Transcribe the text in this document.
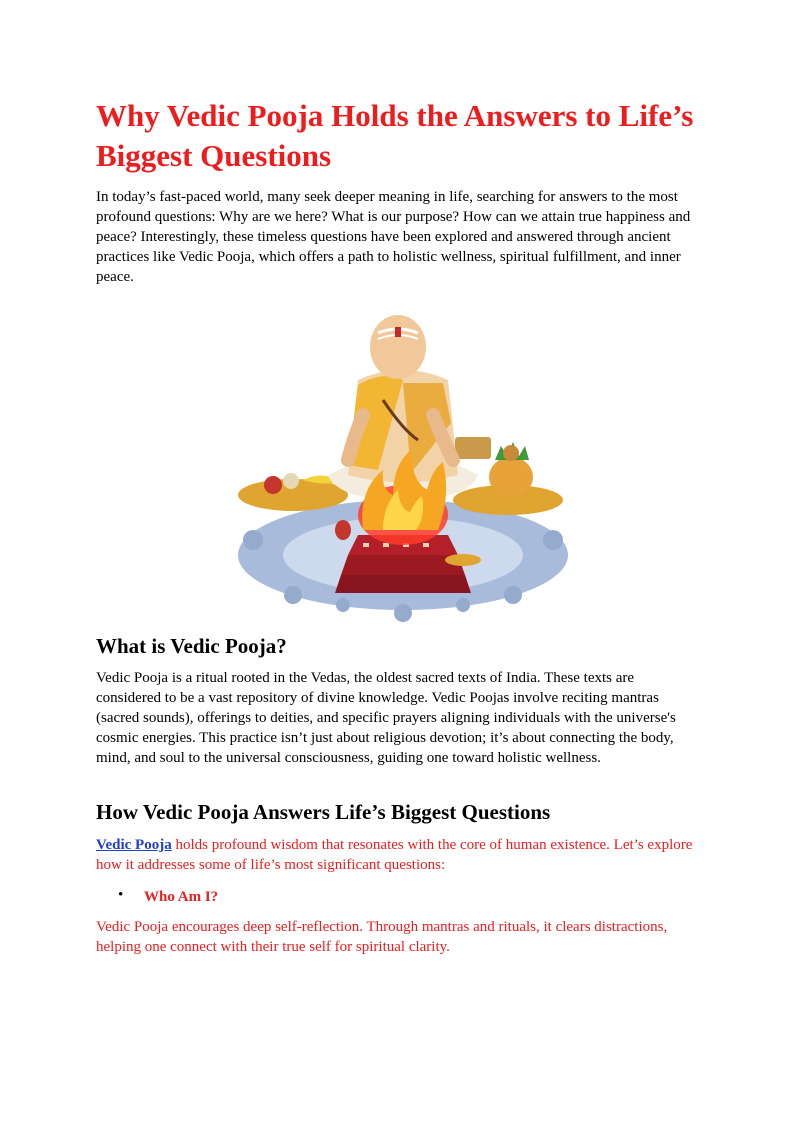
Why Vedic Pooja Holds the Answers to Life’s Biggest Questions

In today’s fast-paced world, many seek deeper meaning in life, searching for answers to the most profound questions: Why are we here? What is our purpose? How can we attain true happiness and peace? Interestingly, these timeless questions have been explored and answered through ancient practices like Vedic Pooja, which offers a path to holistic wellness, spiritual fulfillment, and inner peace.

What is Vedic Pooja?

Vedic Pooja is a ritual rooted in the Vedas, the oldest sacred texts of India. These texts are considered to be a vast repository of divine knowledge. Vedic Poojas involve reciting mantras (sacred sounds), offerings to deities, and specific prayers aligning individuals with the universe's cosmic energies. This practice isn’t just about religious devotion; it’s about connecting the body, mind, and soul to the universal consciousness, guiding one toward holistic wellness.

How Vedic Pooja Answers Life’s Biggest Questions

Vedic Pooja holds profound wisdom that resonates with the core of human existence. Let’s explore how it addresses some of life’s most significant questions:

• Who Am I?

Vedic Pooja encourages deep self-reflection. Through mantras and rituals, it clears distractions, helping one connect with their true self for spiritual clarity.
